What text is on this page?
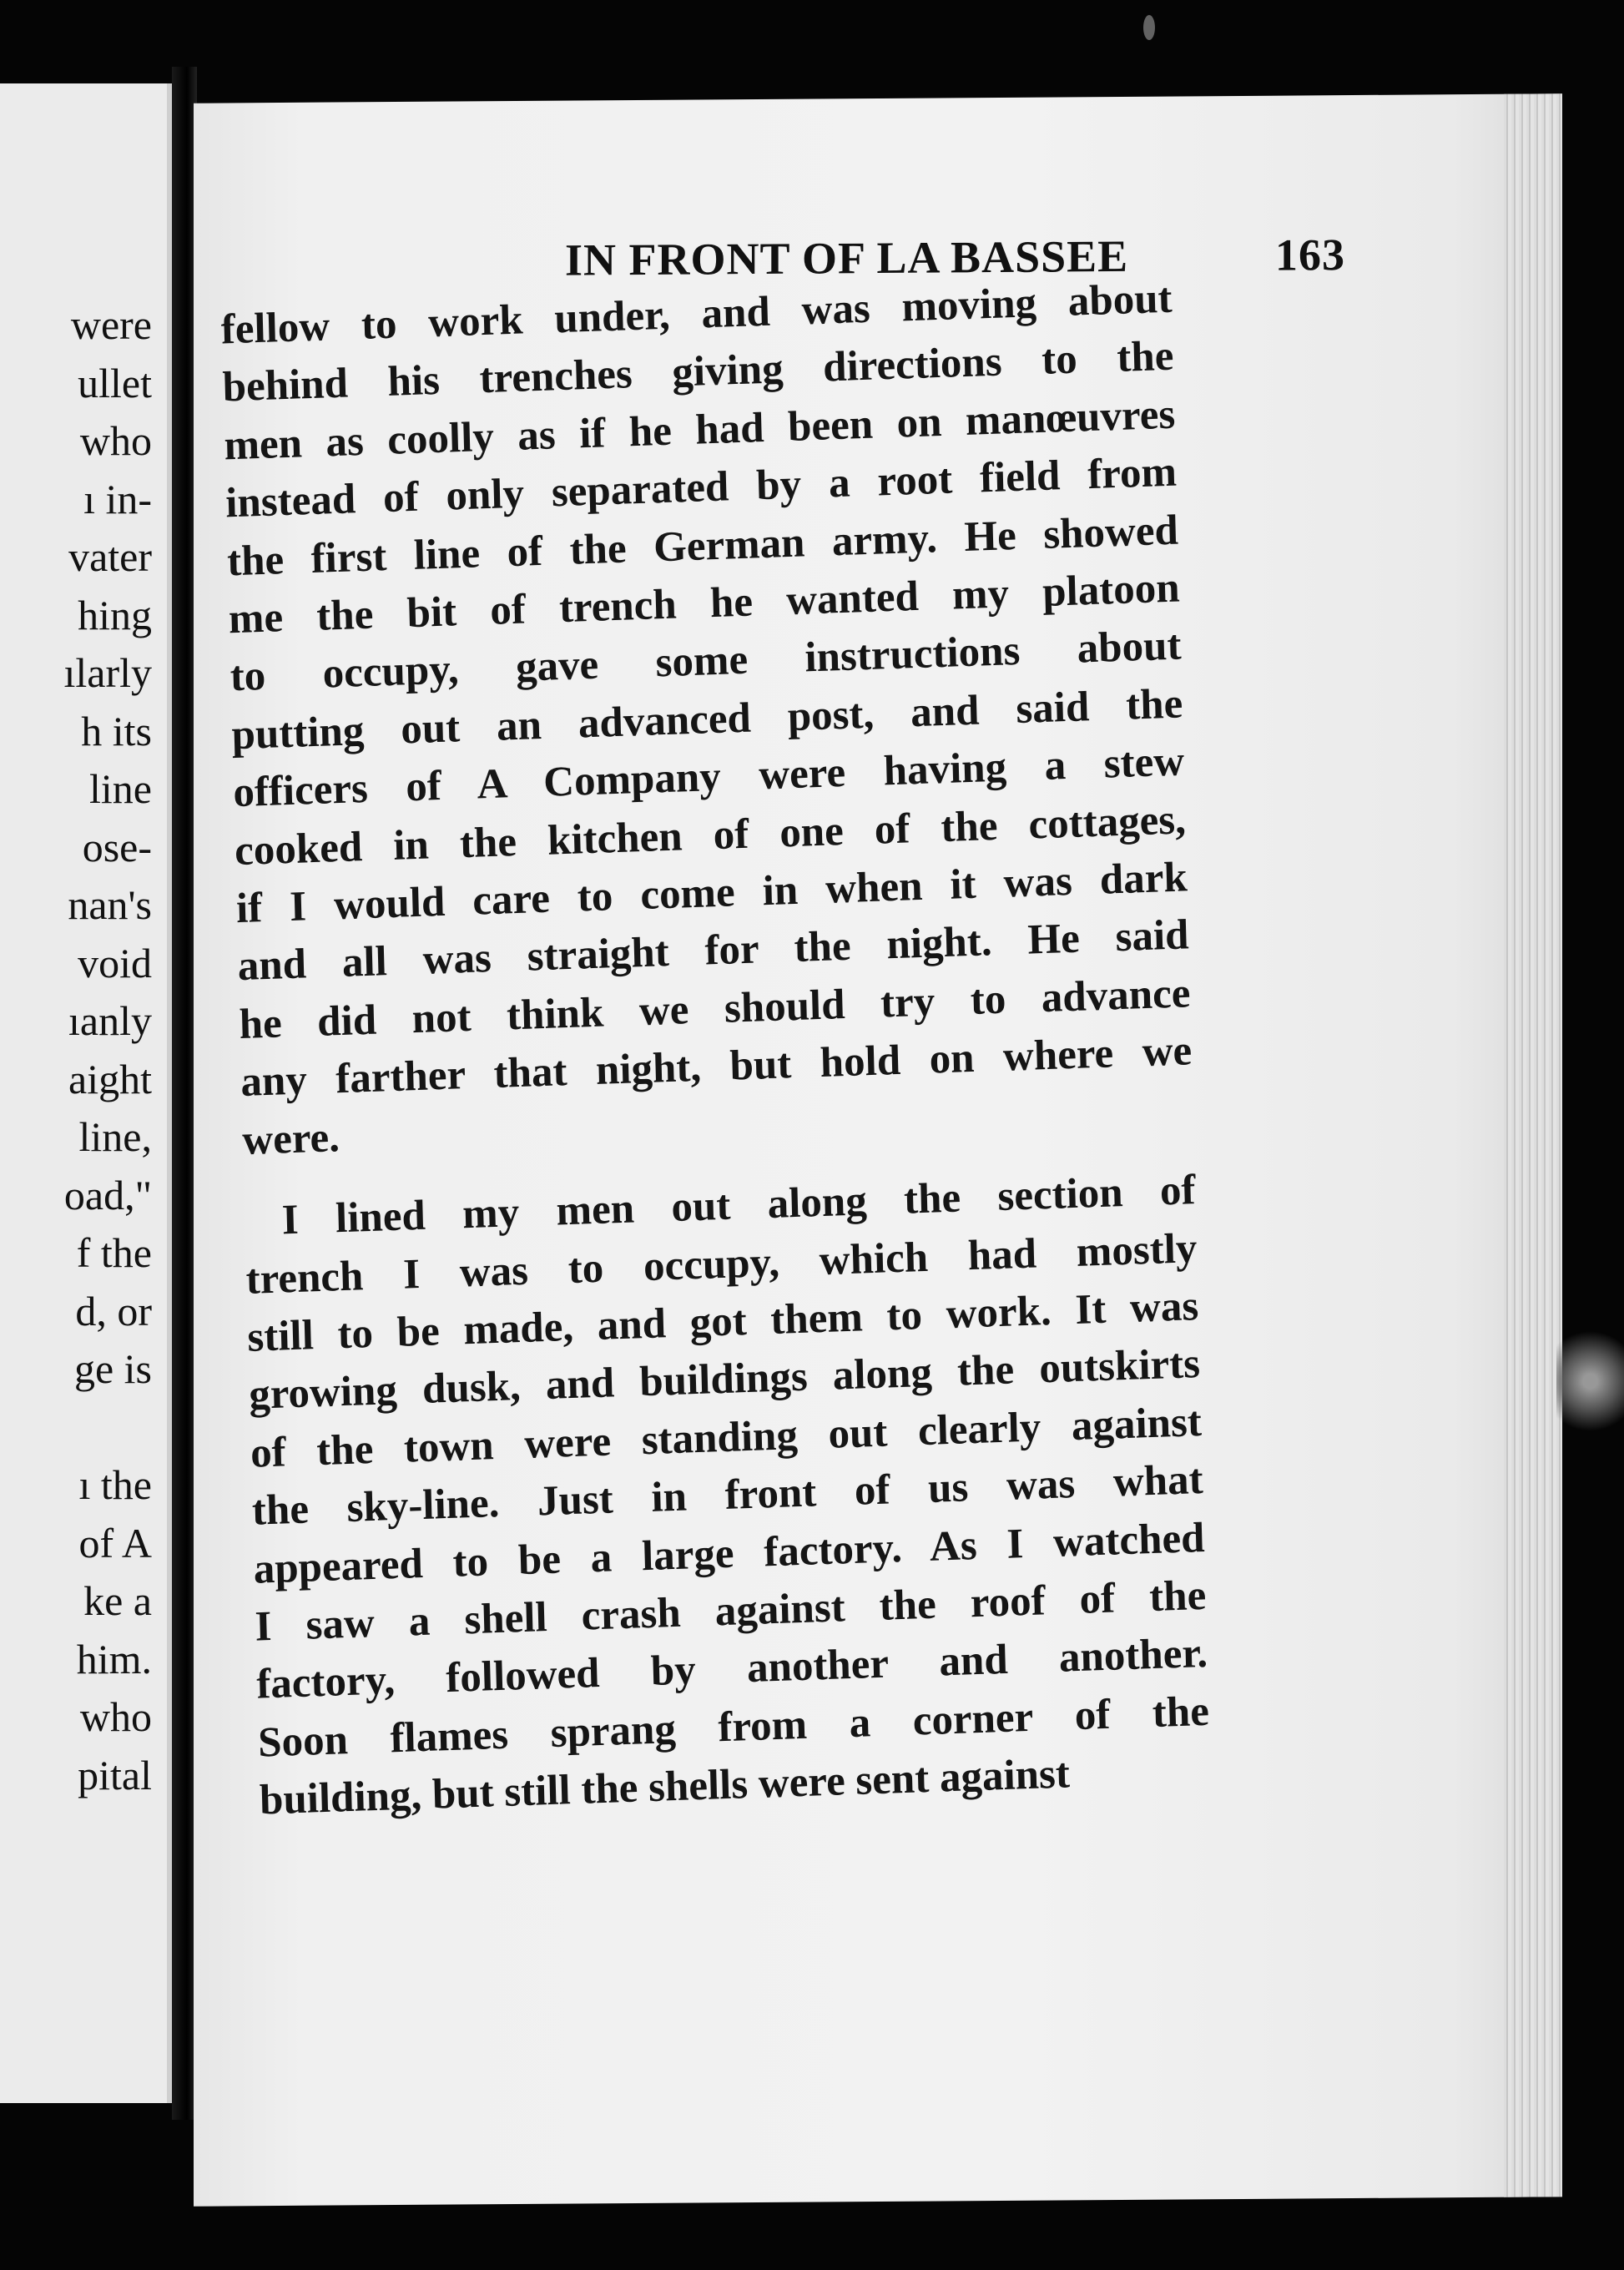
were
ullet
who
ı in-
vater
hing
ılarly
h its
line
ose-
nan's
void
ıanly
aight
line,
oad,"
f the
d, or
ge is
ı the
of A
ke a
him.
who
pital
IN FRONT OF LA BASSEE	163
fellow to work under, and was moving about
behind his trenches giving directions to the
men as coolly as if he had been on manœuvres
instead of only separated by a root field from
the first line of the German army. He showed
me the bit of trench he wanted my platoon
to occupy, gave some instructions about
putting out an advanced post, and said the
officers of A Company were having a stew
cooked in the kitchen of one of the cottages,
if I would care to come in when it was dark
and all was straight for the night. He said
he did not think we should try to advance
any farther that night, but hold on where we
were.
I lined my men out along the section of
trench I was to occupy, which had mostly
still to be made, and got them to work. It was
growing dusk, and buildings along the outskirts
of the town were standing out clearly against
the sky-line. Just in front of us was what
appeared to be a large factory. As I watched
I saw a shell crash against the roof of the
factory, followed by another and another.
Soon flames sprang from a corner of the
building, but still the shells were sent against
